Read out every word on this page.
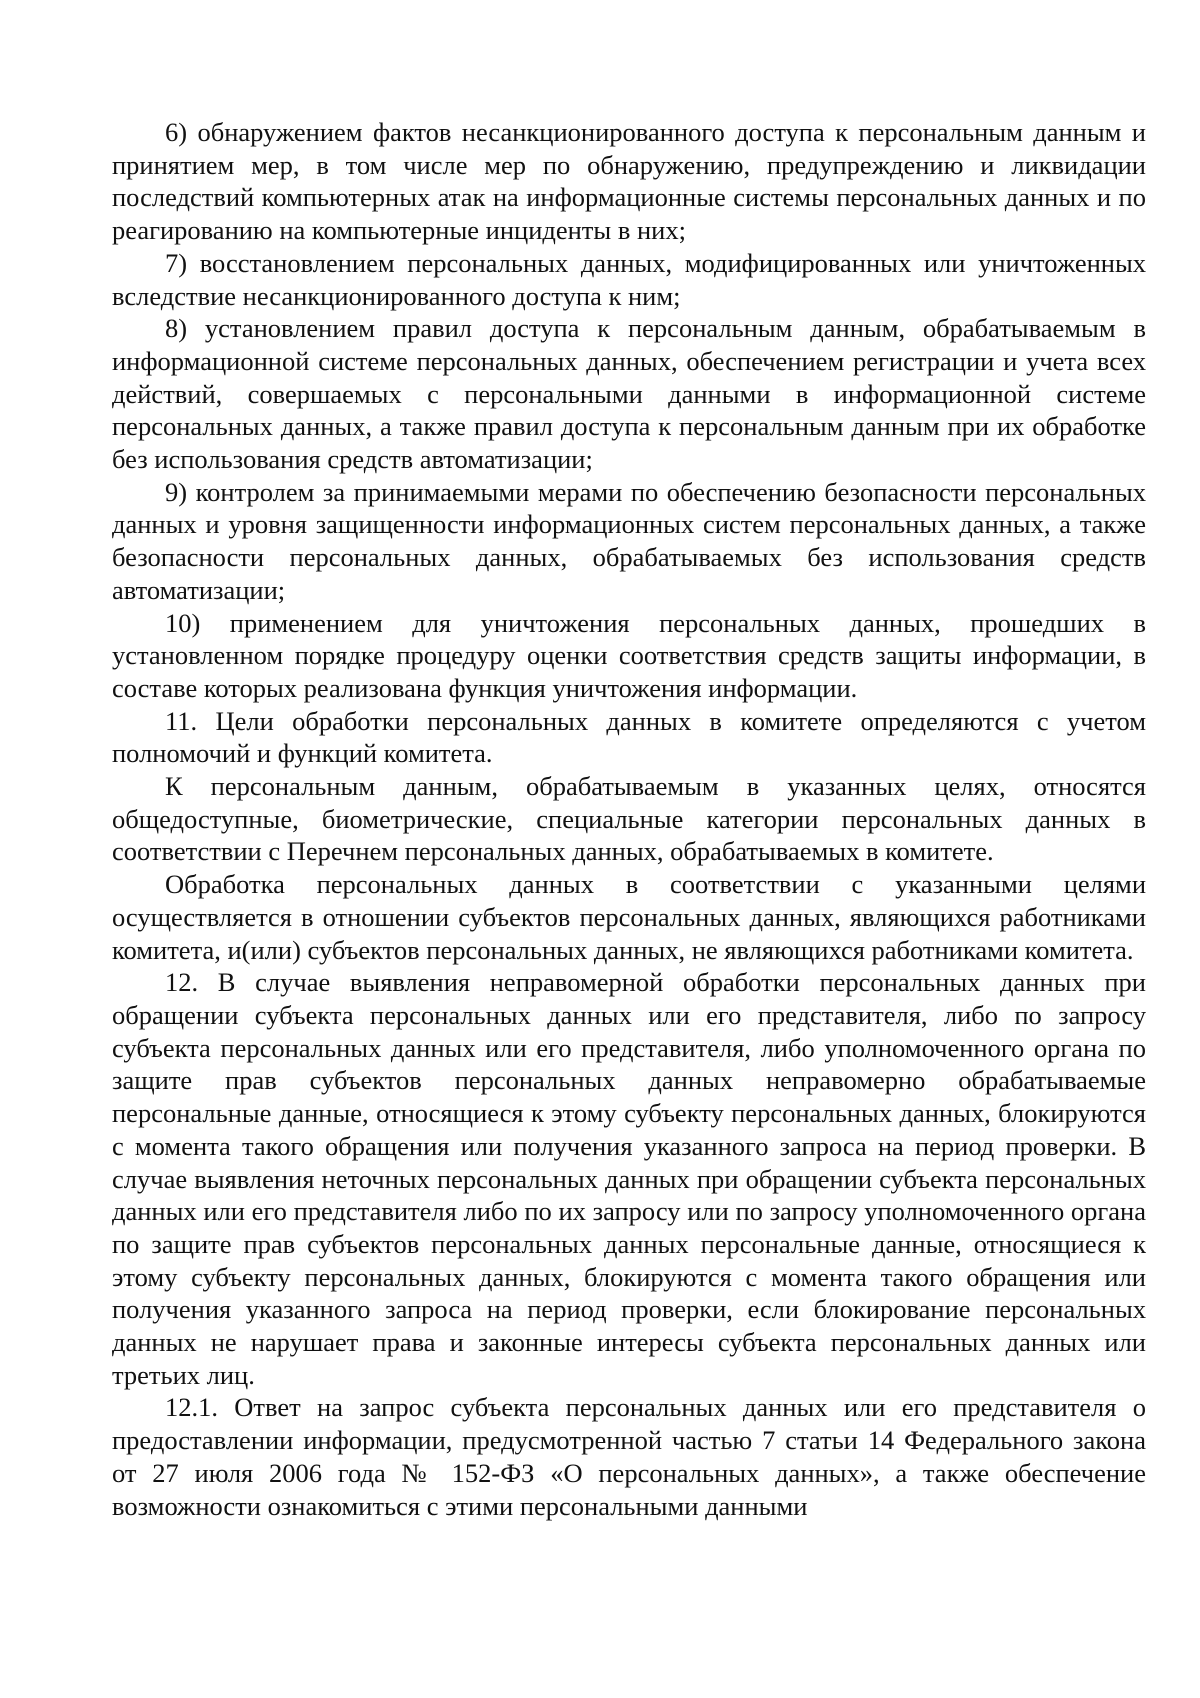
6) обнаружением фактов несанкционированного доступа к персональным данным и принятием мер, в том числе мер по обнаружению, предупреждению и ликвидации последствий компьютерных атак на информационные системы персональных данных и по реагированию на компьютерные инциденты в них;

7) восстановлением персональных данных, модифицированных или уничтоженных вследствие несанкционированного доступа к ним;

8) установлением правил доступа к персональным данным, обрабатываемым в информационной системе персональных данных, обеспечением регистрации и учета всех действий, совершаемых с персональными данными в информационной системе персональных данных, а также правил доступа к персональным данным при их обработке без использования средств автоматизации;

9) контролем за принимаемыми мерами по обеспечению безопасности персональных данных и уровня защищенности информационных систем персональных данных, а также безопасности персональных данных, обрабатываемых без использования средств автоматизации;

10) применением для уничтожения персональных данных, прошедших в установленном порядке процедуру оценки соответствия средств защиты информации, в составе которых реализована функция уничтожения информации.

11. Цели обработки персональных данных в комитете определяются с учетом полномочий и функций комитета.

К персональным данным, обрабатываемым в указанных целях, относятся общедоступные, биометрические, специальные категории персональных данных в соответствии с Перечнем персональных данных, обрабатываемых в комитете.

Обработка персональных данных в соответствии с указанными целями осуществляется в отношении субъектов персональных данных, являющихся работниками комитета, и(или) субъектов персональных данных, не являющихся работниками комитета.

12. В случае выявления неправомерной обработки персональных данных при обращении субъекта персональных данных или его представителя, либо по запросу субъекта персональных данных или его представителя, либо уполномоченного органа по защите прав субъектов персональных данных неправомерно обрабатываемые персональные данные, относящиеся к этому субъекту персональных данных, блокируются с момента такого обращения или получения указанного запроса на период проверки. В случае выявления неточных персональных данных при обращении субъекта персональных данных или его представителя либо по их запросу или по запросу уполномоченного органа по защите прав субъектов персональных данных персональные данные, относящиеся к этому субъекту персональных данных, блокируются с момента такого обращения или получения указанного запроса на период проверки, если блокирование персональных данных не нарушает права и законные интересы субъекта персональных данных или третьих лиц.

12.1. Ответ на запрос субъекта персональных данных или его представителя о предоставлении информации, предусмотренной частью 7 статьи 14 Федерального закона от 27 июля 2006 года № 152-ФЗ «О персональных данных», а также обеспечение возможности ознакомиться с этими персональными данными
